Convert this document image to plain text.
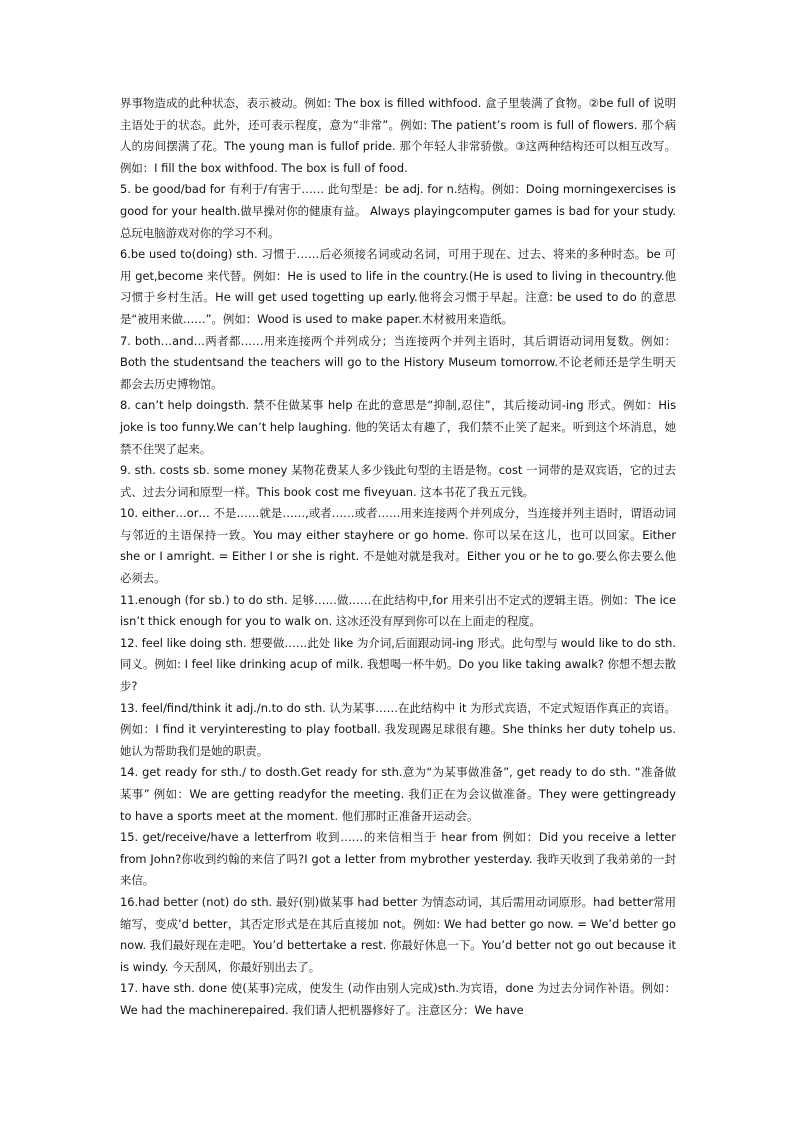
界事物造成的此种状态，表示被动。例如: The box is filled withfood. 盒子里装满了食物。②be full of 说明主语处于的状态。此外，还可表示程度，意为“非常”。例如: The patient’s room is full of flowers. 那个病人的房间摆满了花。The young man is fullof pride. 那个年轻人非常骄傲。③这两种结构还可以相互改写。例如：I fill the box withfood. The box is full of food.

5. be good/bad for 有利于/有害于…… 此句型是：be adj. for n.结构。例如：Doing morningexercises is good for your health.做早操对你的健康有益。 Always playingcomputer games is bad for your study.总玩电脑游戏对你的学习不利。

6.be used to(doing) sth. 习惯于……后必须接名词或动名词，可用于现在、过去、将来的多种时态。be 可用 get,become 来代替。例如：He is used to life in the country.(He is used to living in thecountry.他习惯于乡村生活。He will get used togetting up early.他将会习惯于早起。注意: be used to do 的意思是“被用来做……”。例如：Wood is used to make paper.木材被用来造纸。

7. both…and…两者都……用来连接两个并列成分；当连接两个并列主语时，其后谓语动词用复数。例如： Both the studentsand the teachers will go to the History Museum tomorrow.不论老师还是学生明天都会去历史博物馆。

8. can’t help doingsth. 禁不住做某事 help 在此的意思是“抑制,忍住”，其后接动词-ing 形式。例如：His joke is too funny.We can’t help laughing. 他的笑话太有趣了，我们禁不止笑了起来。听到这个坏消息，她禁不住哭了起来。

9. sth. costs sb. some money 某物花费某人多少钱此句型的主语是物。cost 一词带的是双宾语，它的过去式、过去分词和原型一样。This book cost me fiveyuan. 这本书花了我五元钱。

10. either…or… 不是……就是……,或者……或者……用来连接两个并列成分，当连接并列主语时，谓语动词与邻近的主语保持一致。You may either stayhere or go home. 你可以呆在这儿，也可以回家。Either she or I amright. = Either I or she is right. 不是她对就是我对。Either you or he to go.要么你去要么他必须去。

11.enough (for sb.) to do sth. 足够……做……在此结构中,for 用来引出不定式的逻辑主语。例如：The ice isn’t thick enough for you to walk on. 这冰还没有厚到你可以在上面走的程度。

12. feel like doing sth. 想要做……此处 like 为介词,后面跟动词-ing 形式。此句型与 would like to do sth.同义。例如: I feel like drinking acup of milk. 我想喝一杯牛奶。Do you like taking awalk? 你想不想去散步?

13. feel/find/think it adj./n.to do sth. 认为某事……在此结构中 it 为形式宾语，不定式短语作真正的宾语。例如：I find it veryinteresting to play football. 我发现踢足球很有趣。She thinks her duty tohelp us. 她认为帮助我们是她的职责。

14. get ready for sth./ to dosth.Get ready for sth.意为“为某事做准备”, get ready to do sth. “准备做某事” 例如：We are getting readyfor the meeting. 我们正在为会议做准备。They were gettingready to have a sports meet at the moment. 他们那时正准备开运动会。

15. get/receive/have a letterfrom 收到……的来信相当于 hear from 例如：Did you receive a letter from John?你收到约翰的来信了吗?I got a letter from mybrother yesterday. 我昨天收到了我弟弟的一封来信。

16.had better (not) do sth. 最好(别)做某事 had better 为情态动词，其后需用动词原形。had better常用缩写，变成’d better，其否定形式是在其后直接加 not。例如: We had better go now. = We’d better go now. 我们最好现在走吧。You’d bettertake a rest. 你最好休息一下。You’d better not go out because it is windy. 今天刮风，你最好别出去了。

17. have sth. done 使(某事)完成，使发生 (动作由别人完成)sth.为宾语，done 为过去分词作补语。例如：We had the machinerepaired. 我们请人把机器修好了。注意区分：We have
